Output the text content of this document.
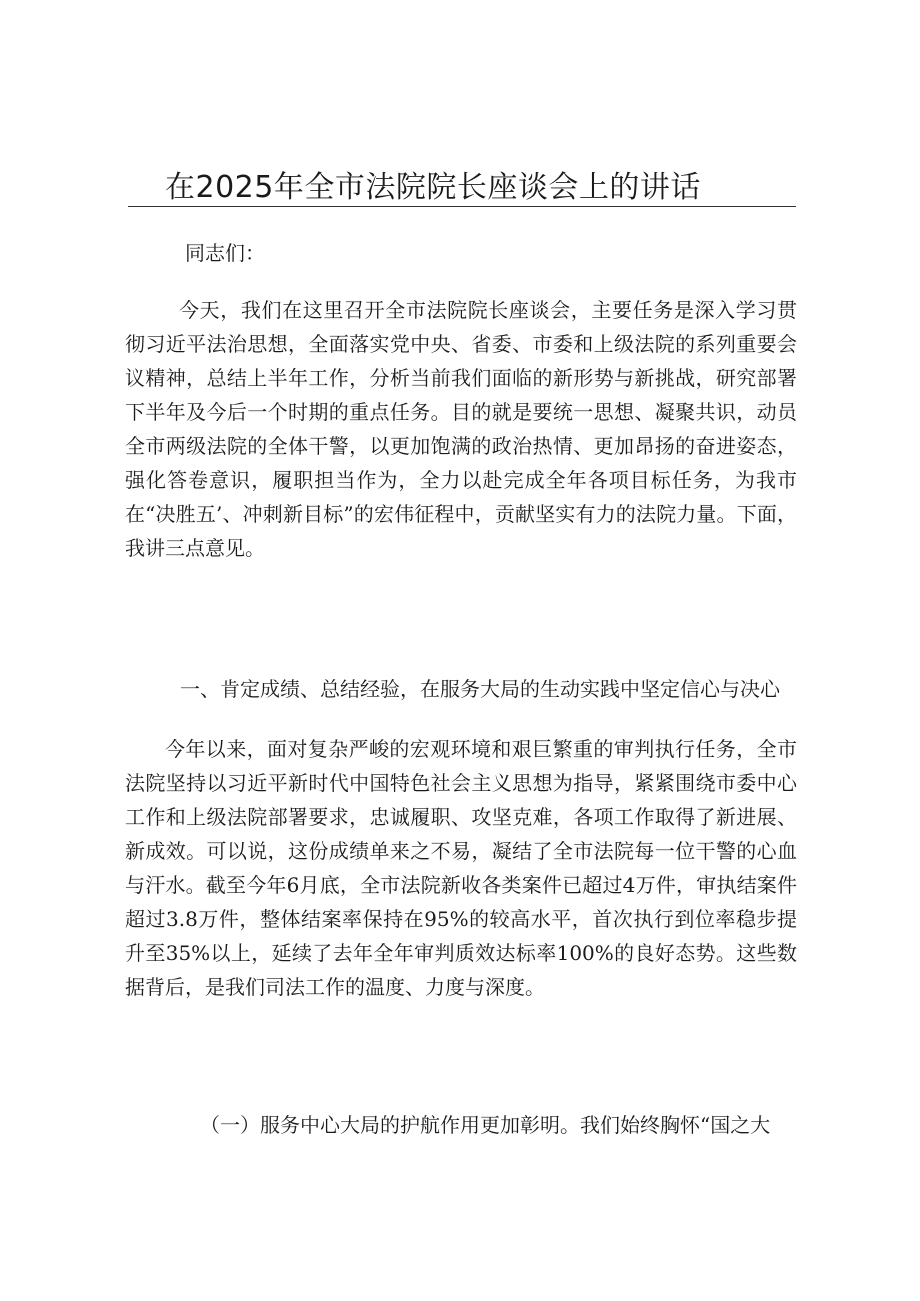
在2025年全市法院院长座谈会上的讲话

同志们：

今天，我们在这里召开全市法院院长座谈会，主要任务是深入学习贯彻习近平法治思想，全面落实党中央、省委、市委和上级法院的系列重要会议精神，总结上半年工作，分析当前我们面临的新形势与新挑战，研究部署下半年及今后一个时期的重点任务。目的就是要统一思想、凝聚共识，动员全市两级法院的全体干警，以更加饱满的政治热情、更加昂扬的奋进姿态，强化答卷意识，履职担当作为，全力以赴完成全年各项目标任务，为我市在“决胜五’、冲刺新目标”的宏伟征程中，贡献坚实有力的法院力量。下面，我讲三点意见。

一、肯定成绩、总结经验，在服务大局的生动实践中坚定信心与决心

今年以来，面对复杂严峻的宏观环境和艰巨繁重的审判执行任务，全市法院坚持以习近平新时代中国特色社会主义思想为指导，紧紧围绕市委中心工作和上级法院部署要求，忠诚履职、攻坚克难，各项工作取得了新进展、新成效。可以说，这份成绩单来之不易，凝结了全市法院每一位干警的心血与汗水。截至今年6月底，全市法院新收各类案件已超过4万件，审执结案件超过3.8万件，整体结案率保持在95%的较高水平，首次执行到位率稳步提升至35%以上，延续了去年全年审判质效达标率100%的良好态势。这些数据背后，是我们司法工作的温度、力度与深度。

（一）服务中心大局的护航作用更加彰明。我们始终胸怀“国之大
